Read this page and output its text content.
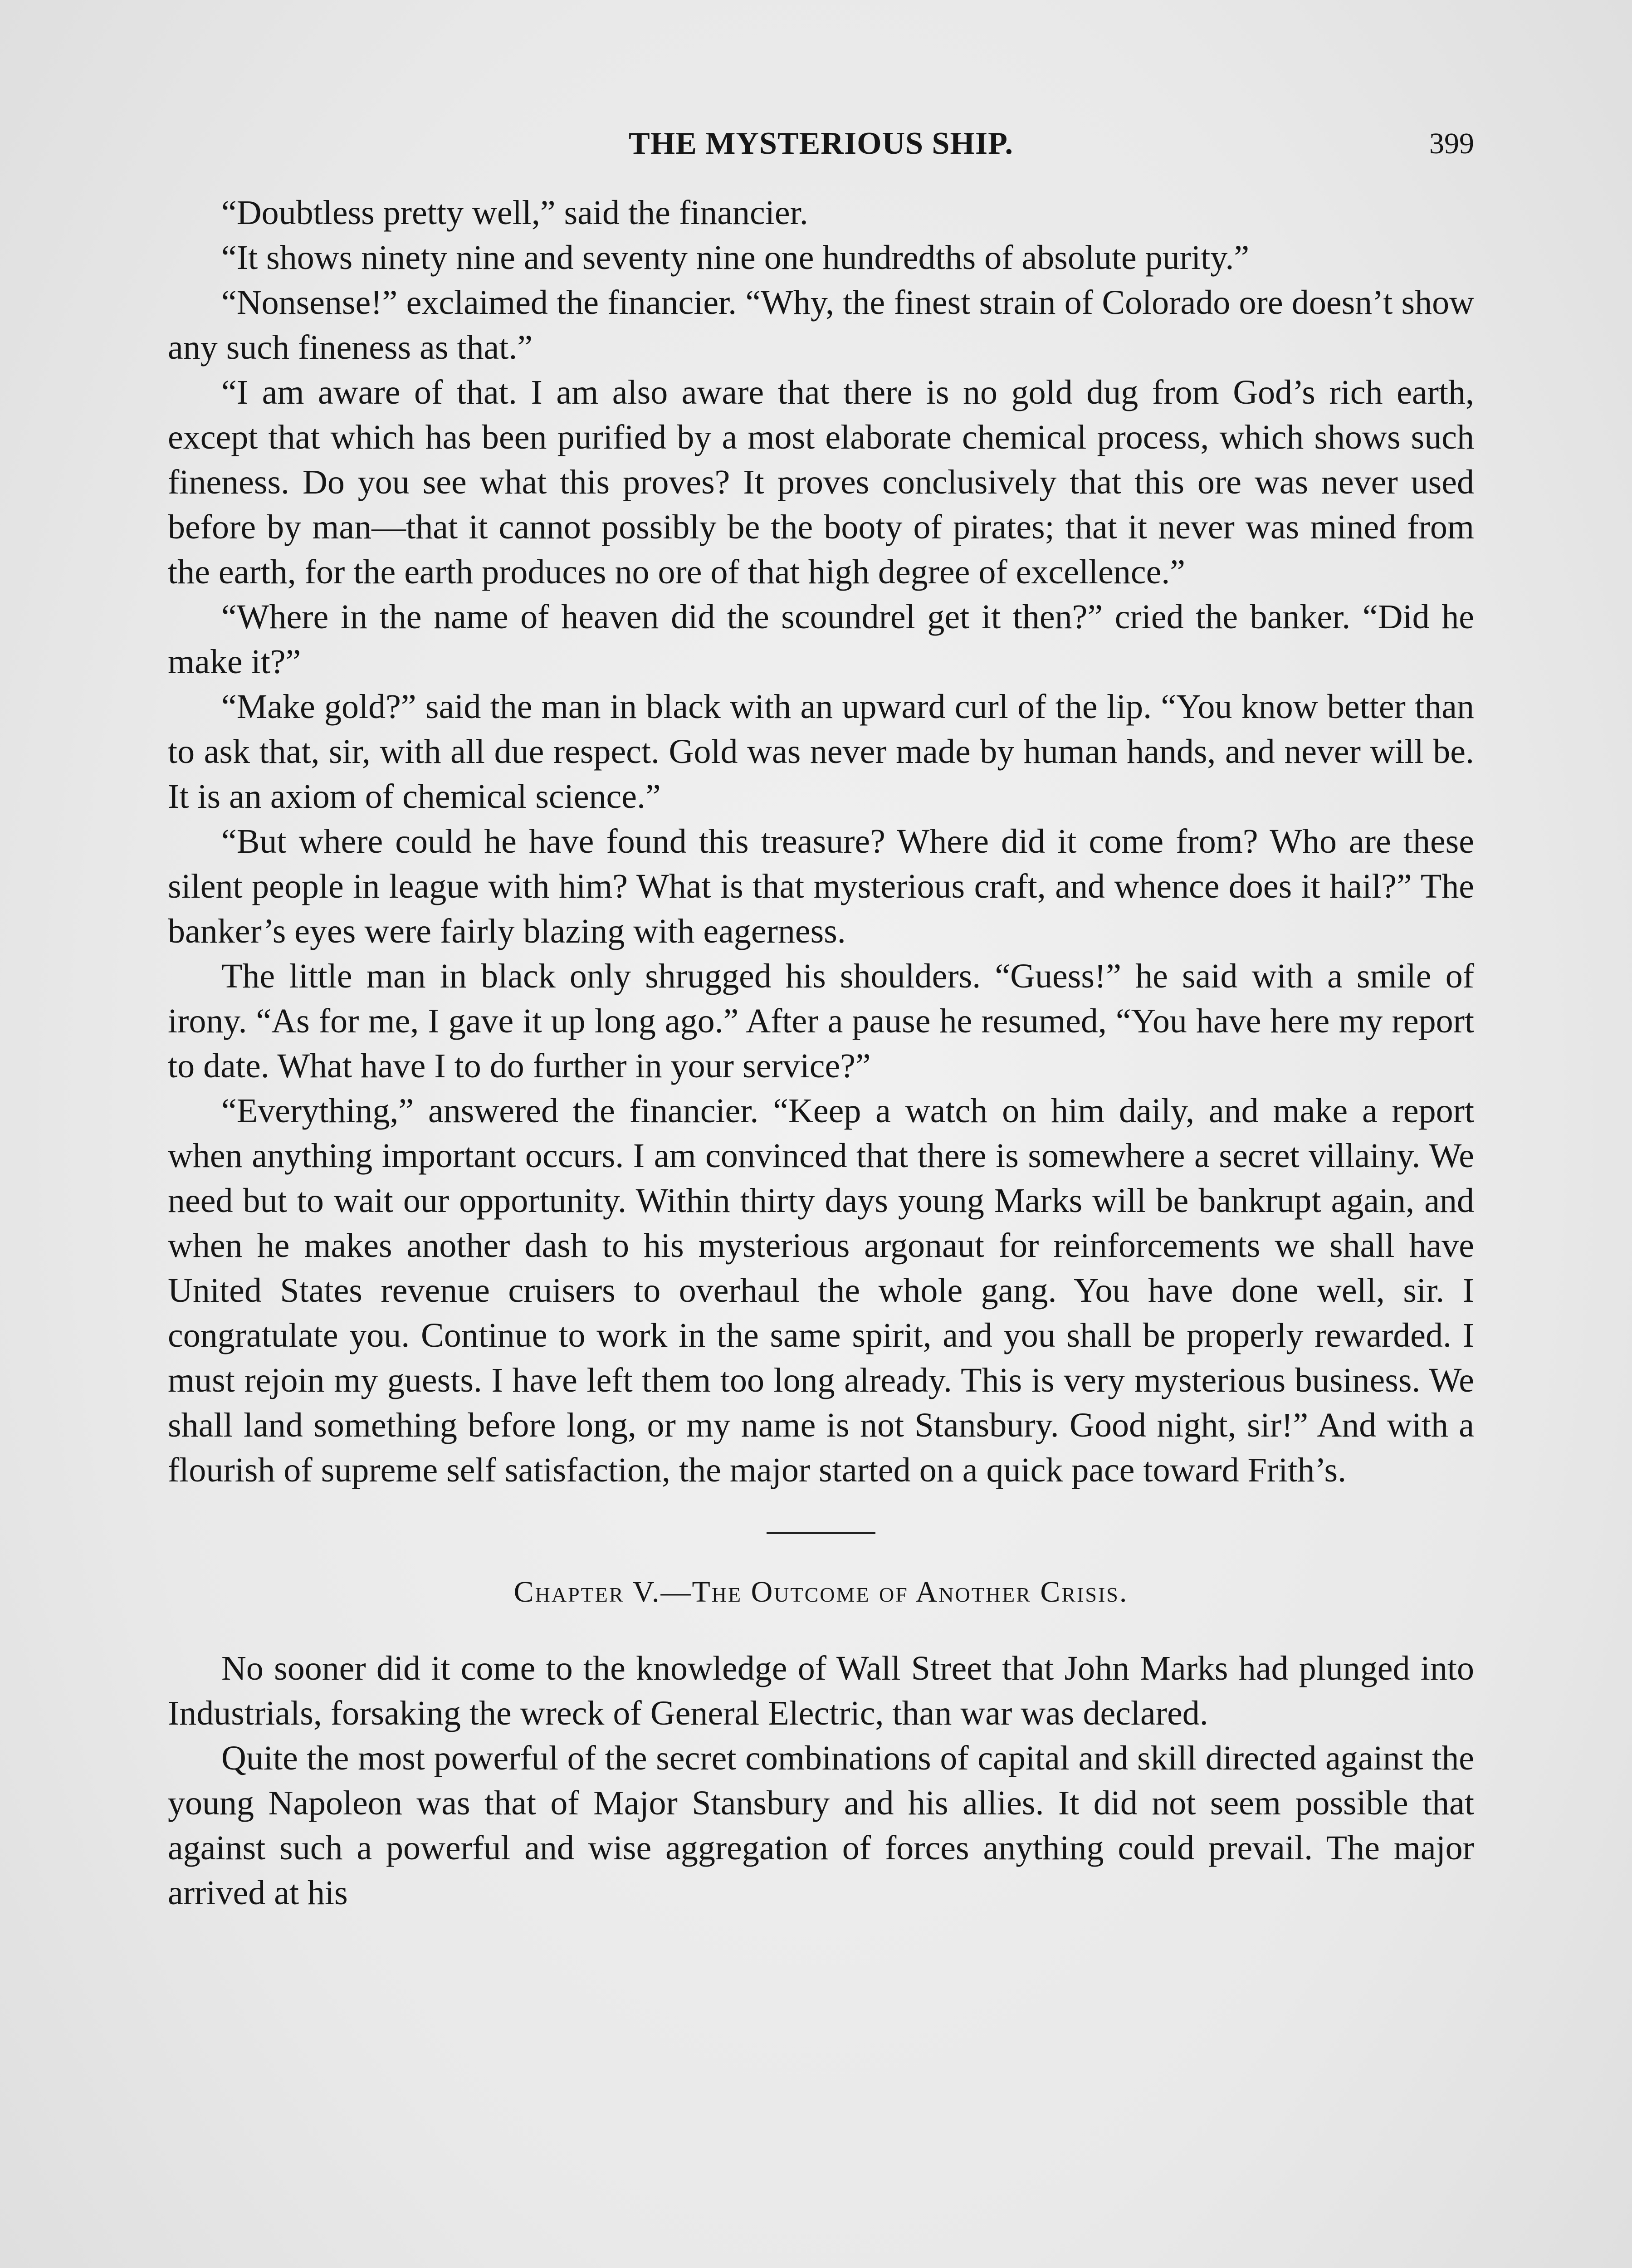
THE MYSTERIOUS SHIP.	399

“Doubtless pretty well,” said the financier.

“It shows ninety nine and seventy nine one hundredths of absolute purity.”

“Nonsense!” exclaimed the financier. “Why, the finest strain of Colorado ore doesn’t show any such fineness as that.”

“I am aware of that. I am also aware that there is no gold dug from God’s rich earth, except that which has been purified by a most elaborate chemical process, which shows such fineness. Do you see what this proves? It proves conclusively that this ore was never used before by man—that it cannot possibly be the booty of pirates; that it never was mined from the earth, for the earth produces no ore of that high degree of excellence.”

“Where in the name of heaven did the scoundrel get it then?” cried the banker. “Did he make it?”

“Make gold?” said the man in black with an upward curl of the lip. “You know better than to ask that, sir, with all due respect. Gold was never made by human hands, and never will be. It is an axiom of chemical science.”

“But where could he have found this treasure? Where did it come from? Who are these silent people in league with him? What is that mysterious craft, and whence does it hail?” The banker’s eyes were fairly blazing with eagerness.

The little man in black only shrugged his shoulders. “Guess!” he said with a smile of irony. “As for me, I gave it up long ago.” After a pause he resumed, “You have here my report to date. What have I to do further in your service?”

“Everything,” answered the financier. “Keep a watch on him daily, and make a report when anything important occurs. I am convinced that there is somewhere a secret villainy. We need but to wait our opportunity. Within thirty days young Marks will be bankrupt again, and when he makes another dash to his mysterious argonaut for reinforcements we shall have United States revenue cruisers to overhaul the whole gang. You have done well, sir. I congratulate you. Continue to work in the same spirit, and you shall be properly rewarded. I must rejoin my guests. I have left them too long already. This is very mysterious business. We shall land something before long, or my name is not Stansbury. Good night, sir!” And with a flourish of supreme self satisfaction, the major started on a quick pace toward Frith’s.

Chapter V.—The Outcome of Another Crisis.

No sooner did it come to the knowledge of Wall Street that John Marks had plunged into Industrials, forsaking the wreck of General Electric, than war was declared.

Quite the most powerful of the secret combinations of capital and skill directed against the young Napoleon was that of Major Stansbury and his allies. It did not seem possible that against such a powerful and wise aggregation of forces anything could prevail. The major arrived at his
